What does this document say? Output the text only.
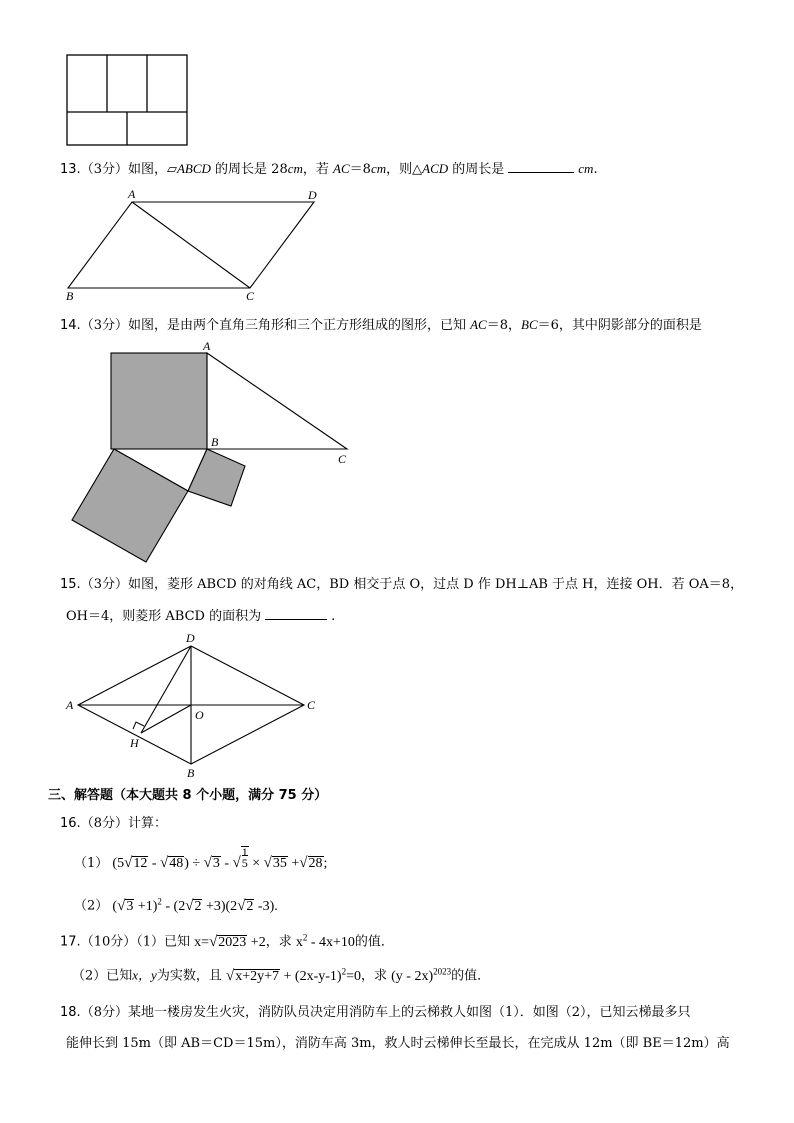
13.（3分）如图，▱ABCD 的周长是 28cm，若 AC＝8cm，则△ACD 的周长是	cm.
A	D
B	C
14.（3分）如图，是由两个直角三角形和三个正方形组成的图形，已知 AC＝8，BC＝6，其中阴影部分的面积是
A
B
C
15.（3分）如图，菱形 ABCD 的对角线 AC，BD 相交于点 O，过点 D 作 DH⊥AB 于点 H，连接 OH．若 OA＝8，
OH＝4，则菱形 ABCD 的面积为	.
A
D
C
O
H
B
三、解答题（本大题共 8 个小题，满分 75 分）
16.（8分）计算：
（1） (5√12 - √48) ÷ √3 - √1
5 × √35 +√28;
（2） $(√3 +1)^2 - (2√2 +3)(2√2$ -3).
17.（10分）（1）已知 x=√2023 +2，求 $x^2 - 4x+10$的值．
（2）已知x，y为实数，且 $√x+2y+7 + (2x-y-1)^2=0$，求 (y - 2x)$^{2023}$的值．
18.（8分）某地一楼房发生火灾，消防队员决定用消防车上的云梯救人如图（1）．如图（2），已知云梯最多只
能伸长到 15m（即 AB＝CD＝15m），消防车高 3m，救人时云梯伸长至最长，在完成从 12m（即 BE＝12m）高
